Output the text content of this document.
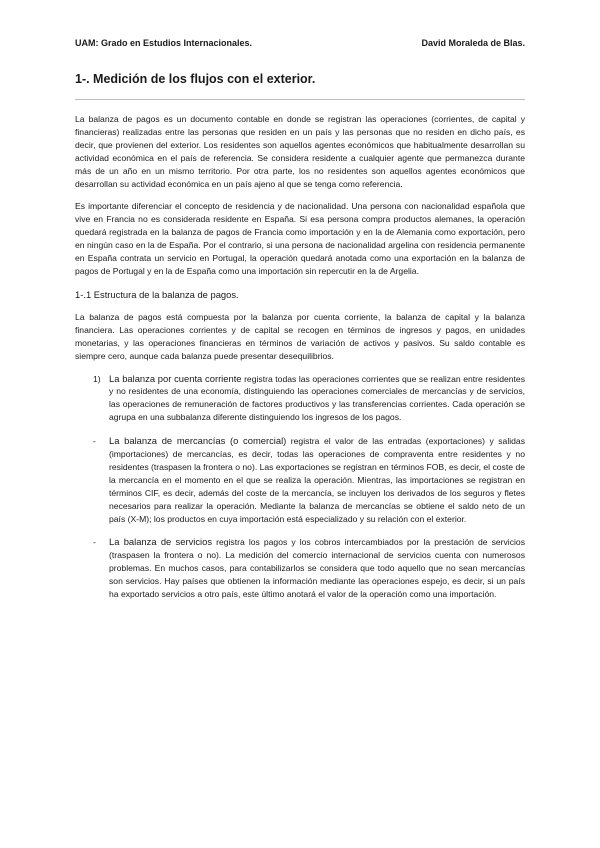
UAM: Grado en Estudios Internacionales.	David Moraleda de Blas.
1-. Medición de los flujos con el exterior.

La balanza de pagos es un documento contable en donde se registran las operaciones (corrientes, de capital y financieras) realizadas entre las personas que residen en un país y las personas que no residen en dicho país, es decir, que provienen del exterior. Los residentes son aquellos agentes económicos que habitualmente desarrollan su actividad económica en el país de referencia. Se considera residente a cualquier agente que permanezca durante más de un año en un mismo territorio. Por otra parte, los no residentes son aquellos agentes económicos que desarrollan su actividad económica en un país ajeno al que se tenga como referencia.

Es importante diferenciar el concepto de residencia y de nacionalidad. Una persona con nacionalidad española que vive en Francia no es considerada residente en España. Si esa persona compra productos alemanes, la operación quedará registrada en la balanza de pagos de Francia como importación y en la de Alemania como exportación, pero en ningún caso en la de España. Por el contrario, si una persona de nacionalidad argelina con residencia permanente en España contrata un servicio en Portugal, la operación quedará anotada como una exportación en la balanza de pagos de Portugal y en la de España como una importación sin repercutir en la de Argelia.

1-.1 Estructura de la balanza de pagos.

La balanza de pagos está compuesta por la balanza por cuenta corriente, la balanza de capital y la balanza financiera. Las operaciones corrientes y de capital se recogen en términos de ingresos y pagos, en unidades monetarias, y las operaciones financieras en términos de variación de activos y pasivos. Su saldo contable es siempre cero, aunque cada balanza puede presentar desequilibrios.

1) La balanza por cuenta corriente registra todas las operaciones corrientes que se realizan entre residentes y no residentes de una economía, distinguiendo las operaciones comerciales de mercancías y de servicios, las operaciones de remuneración de factores productivos y las transferencias corrientes. Cada operación se agrupa en una subbalanza diferente distinguiendo los ingresos de los pagos.
- La balanza de mercancías (o comercial) registra el valor de las entradas (exportaciones) y salidas (importaciones) de mercancías, es decir, todas las operaciones de compraventa entre residentes y no residentes (traspasen la frontera o no). Las exportaciones se registran en términos FOB, es decir, el coste de la mercancía en el momento en el que se realiza la operación. Mientras, las importaciones se registran en términos CIF, es decir, además del coste de la mercancía, se incluyen los derivados de los seguros y fletes necesarios para realizar la operación. Mediante la balanza de mercancías se obtiene el saldo neto de un país (X-M); los productos en cuya importación está especializado y su relación con el exterior.
- La balanza de servicios registra los pagos y los cobros intercambiados por la prestación de servicios (traspasen la frontera o no). La medición del comercio internacional de servicios cuenta con numerosos problemas. En muchos casos, para contabilizarlos se considera que todo aquello que no sean mercancías son servicios. Hay países que obtienen la información mediante las operaciones espejo, es decir, si un país ha exportado servicios a otro país, este último anotará el valor de la operación como una importación.
